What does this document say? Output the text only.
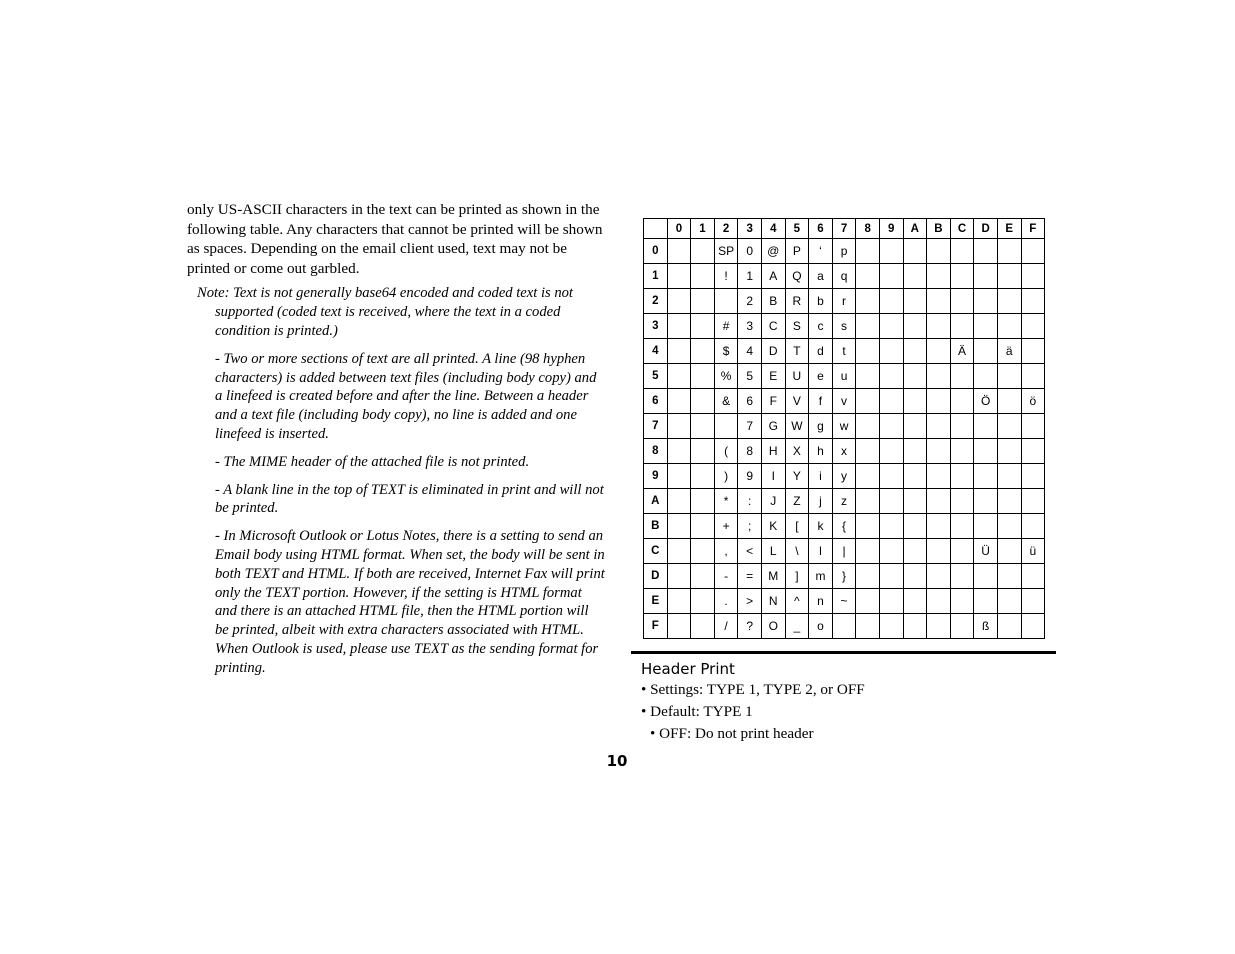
only US-ASCII characters in the text can be printed as shown in the following table. Any characters that cannot be printed will be shown as spaces. Depending on the email client used, text may not be printed or come out garbled.

Note: Text is not generally base64 encoded and coded text is not supported (coded text is received, where the text in a coded condition is printed.)

- Two or more sections of text are all printed. A line (98 hyphen characters) is added between text files (including body copy) and a linefeed is created before and after the line. Between a header and a text file (including body copy), no line is added and one linefeed is inserted.

- The MIME header of the attached file is not printed.

- A blank line in the top of TEXT is eliminated in print and will not be printed.

- In Microsoft Outlook or Lotus Notes, there is a setting to send an Email body using HTML format. When set, the body will be sent in both TEXT and HTML. If both are received, Internet Fax will print only the TEXT portion. However, if the setting is HTML format and there is an attached HTML file, then the HTML portion will be printed, albeit with extra characters associated with HTML. When Outlook is used, please use TEXT as the sending format for printing.

	0	1	2	3	4	5	6	7	8	9	A	B	C	D	E	F
0			SP	0	@	P	‘	p								
1			!	1	A	Q	a	q								
2				2	B	R	b	r								
3			#	3	C	S	c	s								
4			$	4	D	T	d	t					Ä		ä	
5			%	5	E	U	e	u								
6			&	6	F	V	f	v						Ö		ö
7				7	G	W	g	w								
8			(	8	H	X	h	x								
9			)	9	I	Y	i	y								
A			*	:	J	Z	j	z								
B			+	;	K	[	k	{								
C			,	<	L	\	l	|						Ü		ü
D			-	=	M	]	m	}								
E			.	>	N	^	n	~								
F			/	?	O	_	o							ß		
Header Print
• Settings: TYPE 1, TYPE 2, or OFF
• Default: TYPE 1
• OFF: Do not print header
10
